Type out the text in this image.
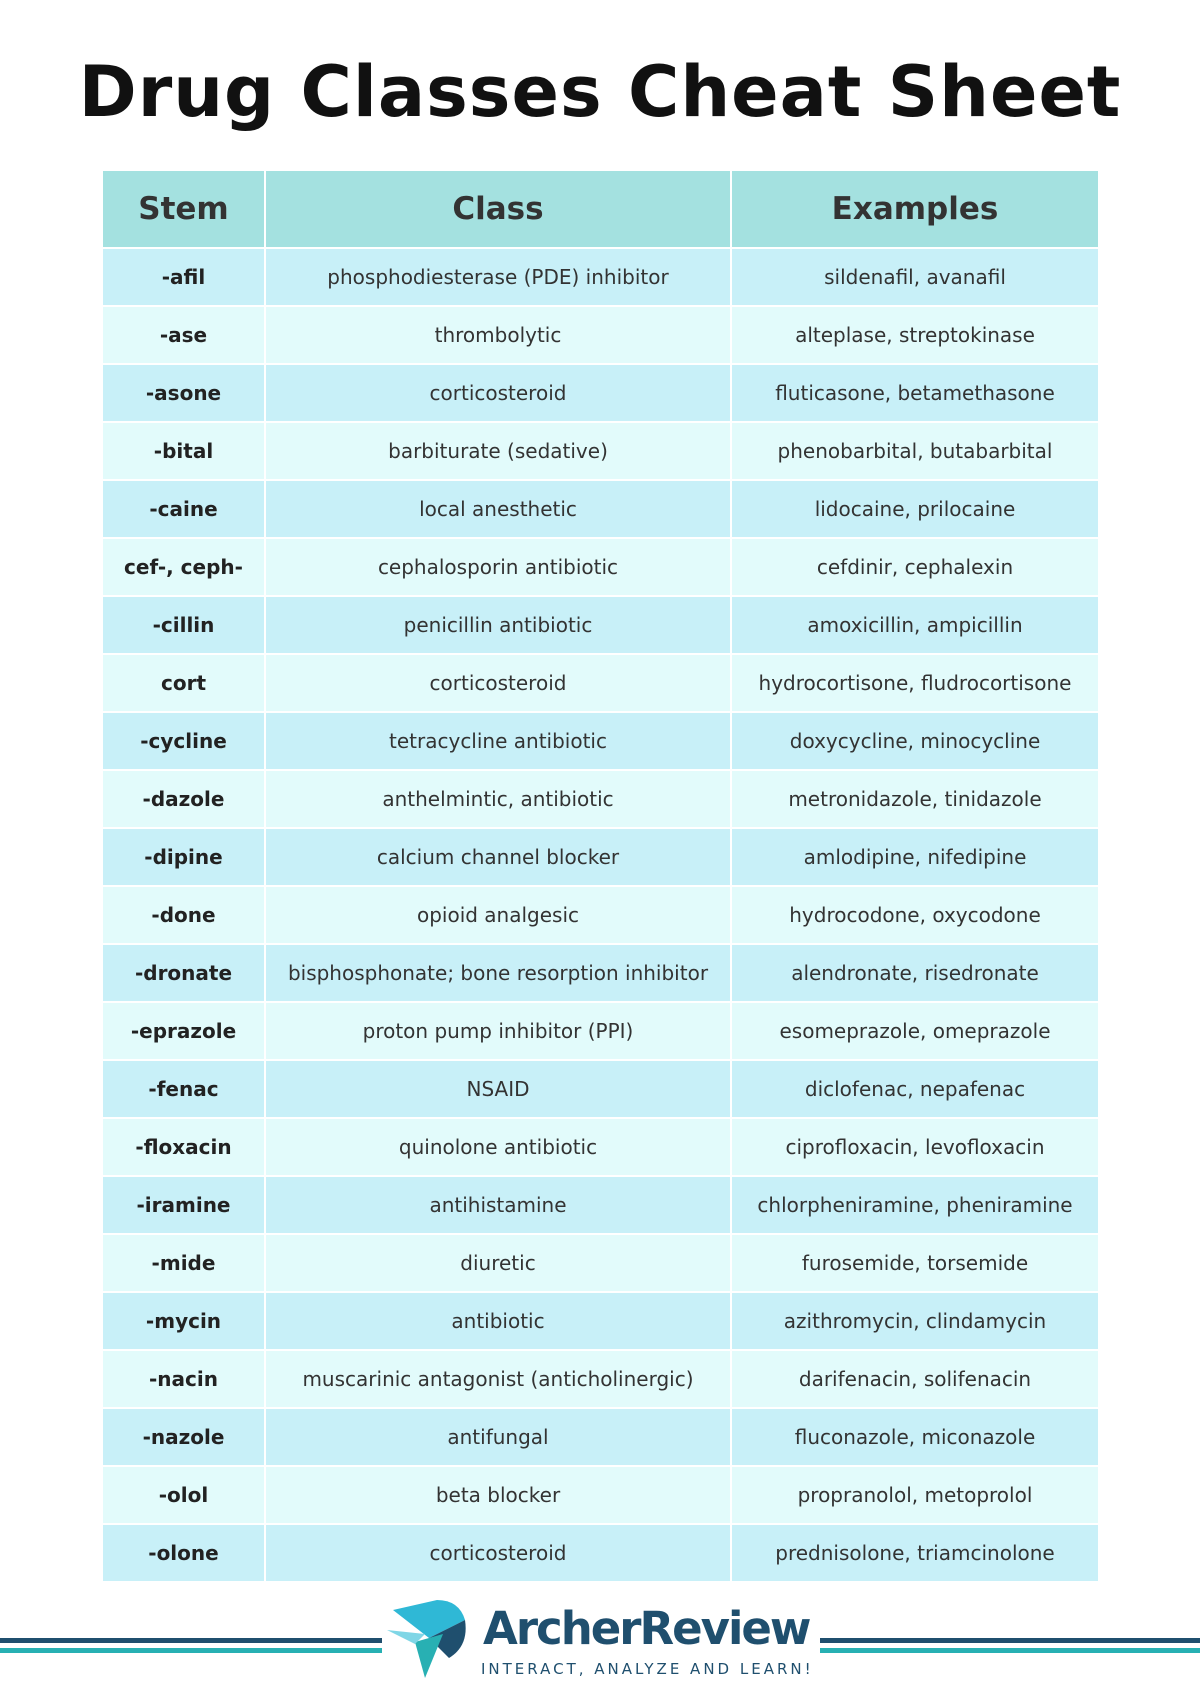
Drug Classes Cheat Sheet
Stem	Class	Examples
-afil	phosphodiesterase (PDE) inhibitor	sildenafil, avanafil
-ase	thrombolytic	alteplase, streptokinase
-asone	corticosteroid	fluticasone, betamethasone
-bital	barbiturate (sedative)	phenobarbital, butabarbital
-caine	local anesthetic	lidocaine, prilocaine
cef-, ceph-	cephalosporin antibiotic	cefdinir, cephalexin
-cillin	penicillin antibiotic	amoxicillin, ampicillin
cort	corticosteroid	hydrocortisone, fludrocortisone
-cycline	tetracycline antibiotic	doxycycline, minocycline
-dazole	anthelmintic, antibiotic	metronidazole, tinidazole
-dipine	calcium channel blocker	amlodipine, nifedipine
-done	opioid analgesic	hydrocodone, oxycodone
-dronate	bisphosphonate; bone resorption inhibitor	alendronate, risedronate
-eprazole	proton pump inhibitor (PPI)	esomeprazole, omeprazole
-fenac	NSAID	diclofenac, nepafenac
-floxacin	quinolone antibiotic	ciprofloxacin, levofloxacin
-iramine	antihistamine	chlorpheniramine, pheniramine
-mide	diuretic	furosemide, torsemide
-mycin	antibiotic	azithromycin, clindamycin
-nacin	muscarinic antagonist (anticholinergic)	darifenacin, solifenacin
-nazole	antifungal	fluconazole, miconazole
-olol	beta blocker	propranolol, metoprolol
-olone	corticosteroid	prednisolone, triamcinolone
ArcherReview
INTERACT, ANALYZE AND LEARN!
